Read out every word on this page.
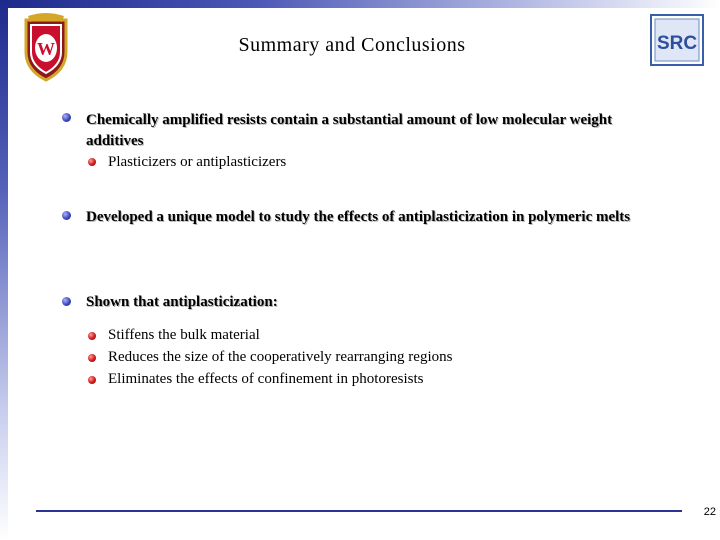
W	SRC
Summary and Conclusions
Chemically amplified resists contain a substantial amount of low molecular weight additives
Plasticizers or antiplasticizers
Developed a unique model to study the effects of antiplasticization in polymeric melts
Shown that antiplasticization:
Stiffens the bulk material
Reduces the size of the cooperatively rearranging regions
Eliminates the effects of confinement in photoresists
22
